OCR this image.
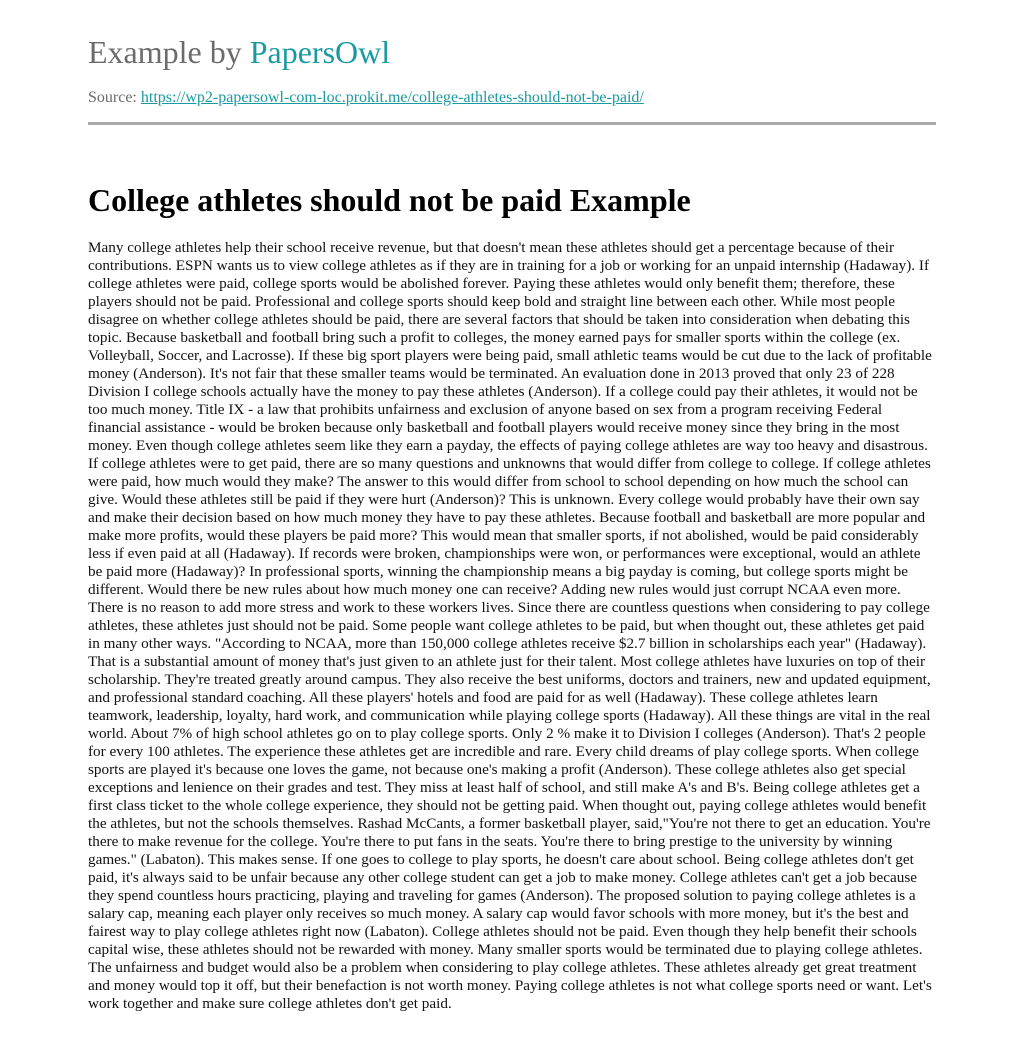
Example by PapersOwl
Source: https://wp2-papersowl-com-loc.prokit.me/college-athletes-should-not-be-paid/
College athletes should not be paid Example

Many college athletes help their school receive revenue, but that doesn't mean these athletes should get a percentage because of their contributions. ESPN wants us to view college athletes as if they are in training for a job or working for an unpaid internship (Hadaway). If college athletes were paid, college sports would be abolished forever. Paying these athletes would only benefit them; therefore, these players should not be paid. Professional and college sports should keep bold and straight line between each other. While most people disagree on whether college athletes should be paid, there are several factors that should be taken into consideration when debating this topic. Because basketball and football bring such a profit to colleges, the money earned pays for smaller sports within the college (ex. Volleyball, Soccer, and Lacrosse). If these big sport players were being paid, small athletic teams would be cut due to the lack of profitable money (Anderson). It's not fair that these smaller teams would be terminated. An evaluation done in 2013 proved that only 23 of 228 Division I college schools actually have the money to pay these athletes (Anderson). If a college could pay their athletes, it would not be too much money. Title IX - a law that prohibits unfairness and exclusion of anyone based on sex from a program receiving Federal financial assistance - would be broken because only basketball and football players would receive money since they bring in the most money. Even though college athletes seem like they earn a payday, the effects of paying college athletes are way too heavy and disastrous. If college athletes were to get paid, there are so many questions and unknowns that would differ from college to college. If college athletes were paid, how much would they make? The answer to this would differ from school to school depending on how much the school can give. Would these athletes still be paid if they were hurt (Anderson)? This is unknown. Every college would probably have their own say and make their decision based on how much money they have to pay these athletes. Because football and basketball are more popular and make more profits, would these players be paid more? This would mean that smaller sports, if not abolished, would be paid considerably less if even paid at all (Hadaway). If records were broken, championships were won, or performances were exceptional, would an athlete be paid more (Hadaway)? In professional sports, winning the championship means a big payday is coming, but college sports might be different. Would there be new rules about how much money one can receive? Adding new rules would just corrupt NCAA even more. There is no reason to add more stress and work to these workers lives. Since there are countless questions when considering to pay college athletes, these athletes just should not be paid. Some people want college athletes to be paid, but when thought out, these athletes get paid in many other ways. "According to NCAA, more than 150,000 college athletes receive $2.7 billion in scholarships each year" (Hadaway). That is a substantial amount of money that's just given to an athlete just for their talent. Most college athletes have luxuries on top of their scholarship. They're treated greatly around campus. They also receive the best uniforms, doctors and trainers, new and updated equipment, and professional standard coaching. All these players' hotels and food are paid for as well (Hadaway). These college athletes learn teamwork, leadership, loyalty, hard work, and communication while playing college sports (Hadaway). All these things are vital in the real world. About 7% of high school athletes go on to play college sports. Only 2 % make it to Division I colleges (Anderson). That's 2 people for every 100 athletes. The experience these athletes get are incredible and rare. Every child dreams of play college sports. When college sports are played it's because one loves the game, not because one's making a profit (Anderson). These college athletes also get special exceptions and lenience on their grades and test. They miss at least half of school, and still make A's and B's. Being college athletes get a first class ticket to the whole college experience, they should not be getting paid. When thought out, paying college athletes would benefit the athletes, but not the schools themselves. Rashad McCants, a former basketball player, said,"You're not there to get an education. You're there to make revenue for the college. You're there to put fans in the seats. You're there to bring prestige to the university by winning games." (Labaton). This makes sense. If one goes to college to play sports, he doesn't care about school. Being college athletes don't get paid, it's always said to be unfair because any other college student can get a job to make money. College athletes can't get a job because they spend countless hours practicing, playing and traveling for games (Anderson). The proposed solution to paying college athletes is a salary cap, meaning each player only receives so much money. A salary cap would favor schools with more money, but it's the best and fairest way to play college athletes right now (Labaton). College athletes should not be paid. Even though they help benefit their schools capital wise, these athletes should not be rewarded with money. Many smaller sports would be terminated due to playing college athletes. The unfairness and budget would also be a problem when considering to play college athletes. These athletes already get great treatment and money would top it off, but their benefaction is not worth money. Paying college athletes is not what college sports need or want. Let's work together and make sure college athletes don't get paid.
